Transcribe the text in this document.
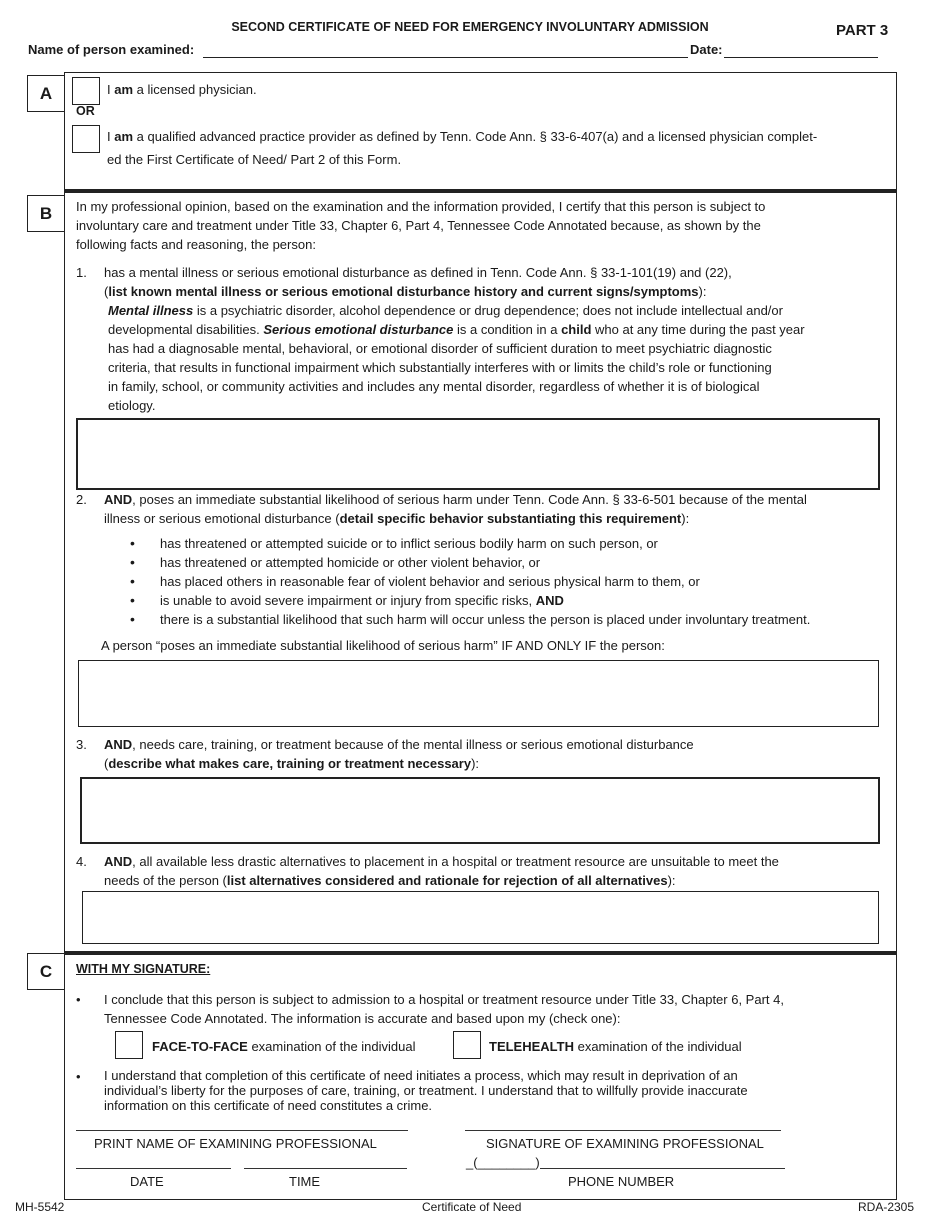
SECOND CERTIFICATE OF NEED FOR EMERGENCY INVOLUNTARY ADMISSION	PART 3
Name of person examined:	Date:
A	I am a licensed physician.
OR
I am a qualified advanced practice provider as defined by Tenn. Code Ann. § 33-6-407(a) and a licensed physician complet-
ed the First Certificate of Need/ Part 2 of this Form.
B	In my professional opinion, based on the examination and the information provided, I certify that this person is subject to
involuntary care and treatment under Title 33, Chapter 6, Part 4, Tennessee Code Annotated because, as shown by the
following facts and reasoning, the person:
1. has a mental illness or serious emotional disturbance as defined in Tenn. Code Ann. § 33-1-101(19) and (22),
(list known mental illness or serious emotional disturbance history and current signs/symptoms):
Mental illness is a psychiatric disorder, alcohol dependence or drug dependence; does not include intellectual and/or
developmental disabilities. Serious emotional disturbance is a condition in a child who at any time during the past year
has had a diagnosable mental, behavioral, or emotional disorder of sufficient duration to meet psychiatric diagnostic
criteria, that results in functional impairment which substantially interferes with or limits the child’s role or functioning
in family, school, or community activities and includes any mental disorder, regardless of whether it is of biological
etiology.
2. AND, poses an immediate substantial likelihood of serious harm under Tenn. Code Ann. § 33-6-501 because of the mental
illness or serious emotional disturbance (detail specific behavior substantiating this requirement):
• has threatened or attempted suicide or to inflict serious bodily harm on such person, or
• has threatened or attempted homicide or other violent behavior, or
• has placed others in reasonable fear of violent behavior and serious physical harm to them, or
• is unable to avoid severe impairment or injury from specific risks, AND
• there is a substantial likelihood that such harm will occur unless the person is placed under involuntary treatment.
A person “poses an immediate substantial likelihood of serious harm” IF AND ONLY IF the person:
3. AND, needs care, training, or treatment because of the mental illness or serious emotional disturbance
(describe what makes care, training or treatment necessary):
4. AND, all available less drastic alternatives to placement in a hospital or treatment resource are unsuitable to meet the
needs of the person (list alternatives considered and rationale for rejection of all alternatives):
C	WITH MY SIGNATURE:
• I conclude that this person is subject to admission to a hospital or treatment resource under Title 33, Chapter 6, Part 4,
Tennessee Code Annotated. The information is accurate and based upon my (check one):
FACE-TO-FACE examination of the individual	TELEHEALTH examination of the individual
• I understand that completion of this certificate of need initiates a process, which may result in deprivation of an
individual’s liberty for the purposes of care, training, or treatment. I understand that to willfully provide inaccurate
information on this certificate of need constitutes a crime.
PRINT NAME OF EXAMINING PROFESSIONAL	SIGNATURE OF EXAMINING PROFESSIONAL
_(________)
DATE	TIME	PHONE NUMBER
MH-5542	Certificate of Need	RDA-2305
